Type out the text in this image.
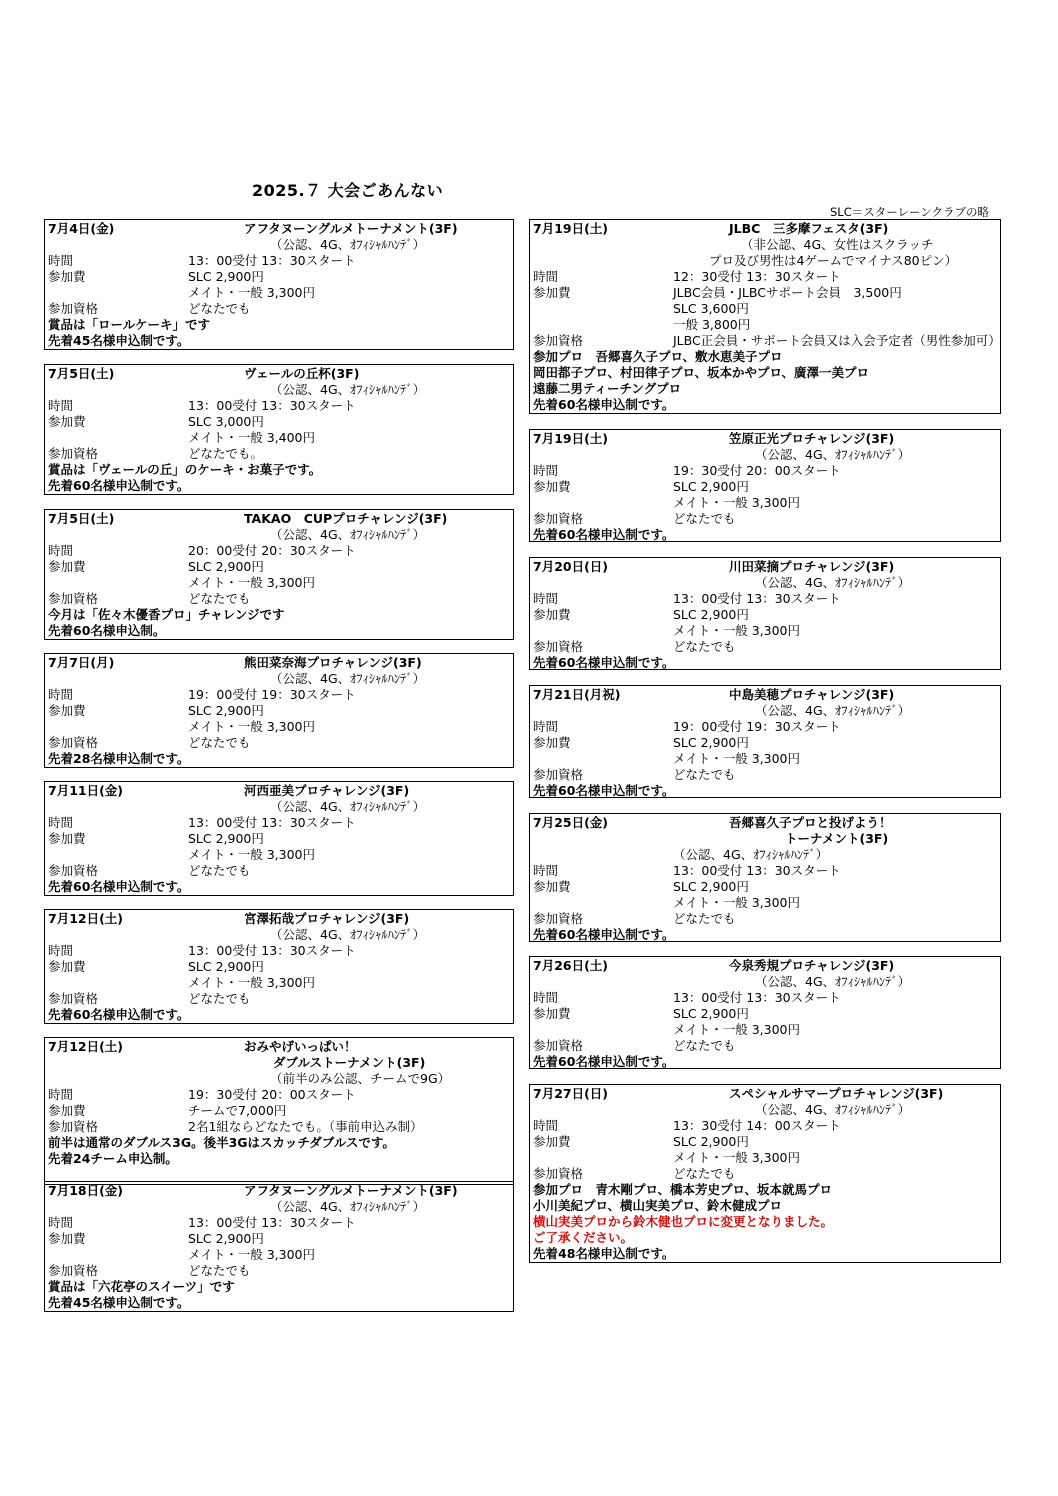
2025.７ 大会ごあんない
SLC＝スターレーンクラブの略
7月4日(金)	アフタヌーングルメトーナメント(3F)
（公認、4G、ｵﾌｨｼｬﾙﾊﾝﾃﾞ）
時間	13：00受付 13：30スタート
参加費	SLC 2,900円
メイト・一般 3,300円
参加資格	どなたでも
賞品は「ロールケーキ」です
先着45名様申込制です。
7月5日(土)	ヴェールの丘杯(3F)
（公認、4G、ｵﾌｨｼｬﾙﾊﾝﾃﾞ）
時間	13：00受付 13：30スタート
参加費	SLC 3,000円
メイト・一般 3,400円
参加資格	どなたでも。
賞品は「ヴェールの丘」のケーキ・お菓子です。
先着60名様申込制です。
7月5日(土)	TAKAO　CUPプロチャレンジ(3F)
（公認、4G、ｵﾌｨｼｬﾙﾊﾝﾃﾞ）
時間	20：00受付 20：30スタート
参加費	SLC 2,900円
メイト・一般 3,300円
参加資格	どなたでも
今月は「佐々木優香プロ」チャレンジです
先着60名様申込制。
7月7日(月)	熊田菜奈海プロチャレンジ(3F)
（公認、4G、ｵﾌｨｼｬﾙﾊﾝﾃﾞ）
時間	19：00受付 19：30スタート
参加費	SLC 2,900円
メイト・一般 3,300円
参加資格	どなたでも
先着28名様申込制です。
7月11日(金)	河西亜美プロチャレンジ(3F)
（公認、4G、ｵﾌｨｼｬﾙﾊﾝﾃﾞ）
時間	13：00受付 13：30スタート
参加費	SLC 2,900円
メイト・一般 3,300円
参加資格	どなたでも
先着60名様申込制です。
7月12日(土)	宮澤拓哉プロチャレンジ(3F)
（公認、4G、ｵﾌｨｼｬﾙﾊﾝﾃﾞ）
時間	13：00受付 13：30スタート
参加費	SLC 2,900円
メイト・一般 3,300円
参加資格	どなたでも
先着60名様申込制です。
7月12日(土)	おみやげいっぱい！
ダブルストーナメント(3F)
（前半のみ公認、チームで9G）
時間	19：30受付 20：00スタート
参加費	チームで7,000円
参加資格	2名1組ならどなたでも。（事前申込み制）
前半は通常のダブルス3G。後半3Gはスカッチダブルスです。
先着24チーム申込制。
7月18日(金)	アフタヌーングルメトーナメント(3F)
（公認、4G、ｵﾌｨｼｬﾙﾊﾝﾃﾞ）
時間	13：00受付 13：30スタート
参加費	SLC 2,900円
メイト・一般 3,300円
参加資格	どなたでも
賞品は「六花亭のスイーツ」です
先着45名様申込制です。
7月19日(土)	JLBC　三多摩フェスタ(3F)
（非公認、4G、女性はスクラッチ
プロ及び男性は4ゲームでマイナス80ピン）
時間	12：30受付 13：30スタート
参加費	JLBC会員・JLBCサポート会員　3,500円
SLC 3,600円
一般 3,800円
参加資格	JLBC正会員・サポート会員又は入会予定者（男性参加可）
参加プロ　吾郷喜久子プロ、敷水恵美子プロ
岡田都子プロ、村田律子プロ、坂本かやプロ、廣澤一美プロ
遠藤二男ティーチングプロ
先着60名様申込制です。
7月19日(土)	笠原正光プロチャレンジ(3F)
（公認、4G、ｵﾌｨｼｬﾙﾊﾝﾃﾞ）
時間	19：30受付 20：00スタート
参加費	SLC 2,900円
メイト・一般 3,300円
参加資格	どなたでも
先着60名様申込制です。
7月20日(日)	川田菜摘プロチャレンジ(3F)
（公認、4G、ｵﾌｨｼｬﾙﾊﾝﾃﾞ）
時間	13：00受付 13：30スタート
参加費	SLC 2,900円
メイト・一般 3,300円
参加資格	どなたでも
先着60名様申込制です。
7月21日(月祝)	中島美穂プロチャレンジ(3F)
（公認、4G、ｵﾌｨｼｬﾙﾊﾝﾃﾞ）
時間	19：00受付 19：30スタート
参加費	SLC 2,900円
メイト・一般 3,300円
参加資格	どなたでも
先着60名様申込制です。
7月25日(金)	吾郷喜久子プロと投げよう！
トーナメント(3F)
（公認、4G、ｵﾌｨｼｬﾙﾊﾝﾃﾞ）
時間	13：00受付 13：30スタート
参加費	SLC 2,900円
メイト・一般 3,300円
参加資格	どなたでも
先着60名様申込制です。
7月26日(土)	今泉秀規プロチャレンジ(3F)
（公認、4G、ｵﾌｨｼｬﾙﾊﾝﾃﾞ）
時間	13：00受付 13：30スタート
参加費	SLC 2,900円
メイト・一般 3,300円
参加資格	どなたでも
先着60名様申込制です。
7月27日(日)	スペシャルサマープロチャレンジ(3F)
（公認、4G、ｵﾌｨｼｬﾙﾊﾝﾃﾞ）
時間	13：30受付 14：00スタート
参加費	SLC 2,900円
メイト・一般 3,300円
参加資格	どなたでも
参加プロ　青木剛プロ、橋本芳史プロ、坂本就馬プロ
小川美紀プロ、横山実美プロ、鈴木健成プロ
横山実美プロから鈴木健也プロに変更となりました。
ご了承ください。
先着48名様申込制です。
